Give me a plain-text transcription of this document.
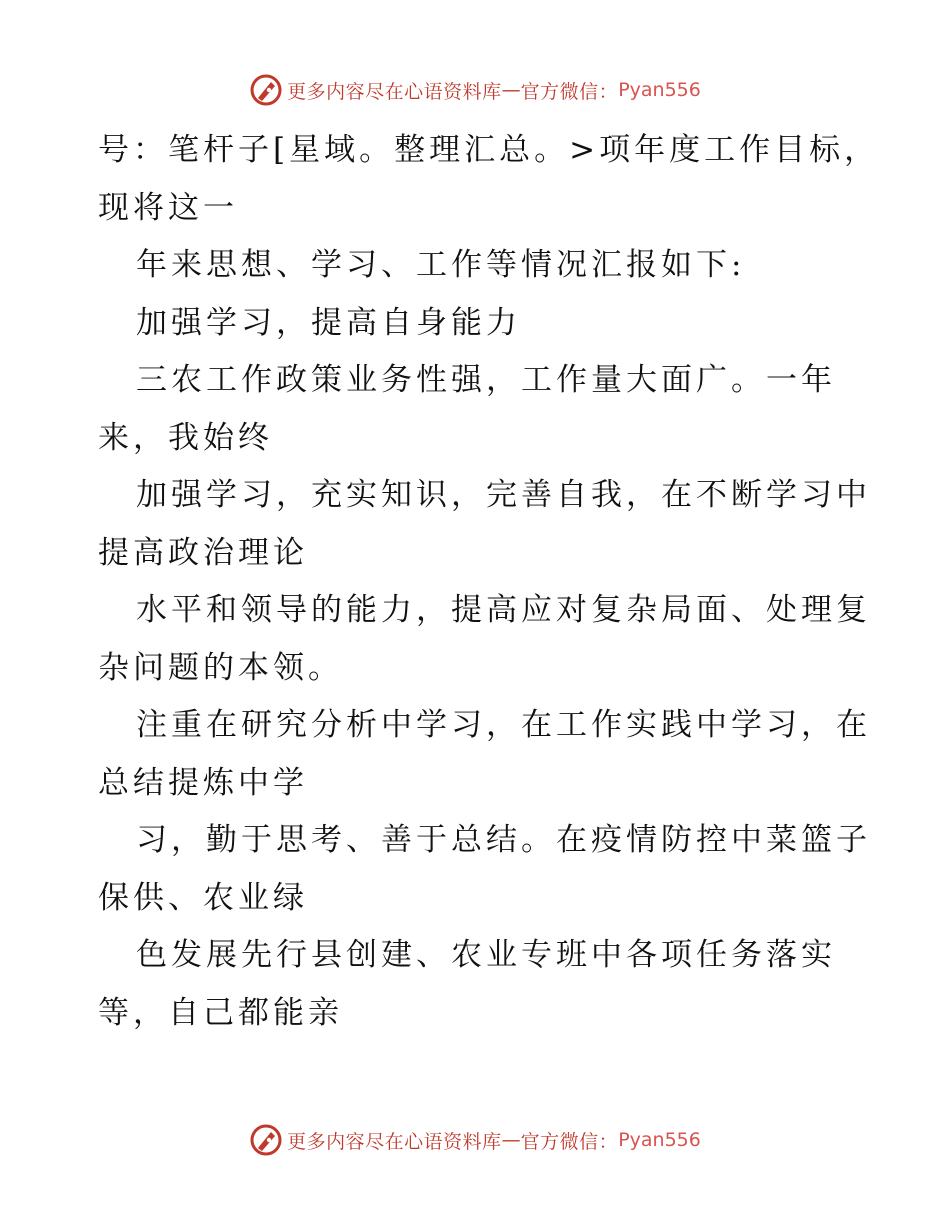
更多内容尽在心语资料库 — 官方微信： Pyan556

号：笔杆子[星域。整理汇总。>项年度工作目标，

现将这一

年来思想、学习、工作等情况汇报如下:

加强学习，提高自身能力

三农工作政策业务性强，工作量大面广。一年

来，我始终

加强学习，充实知识，完善自我，在不断学习中

提高政治理论

水平和领导的能力，提高应对复杂局面、处理复

杂问题的本领。

注重在研究分析中学习，在工作实践中学习，在

总结提炼中学

习，勤于思考、善于总结。在疫情防控中菜篮子

保供、农业绿

色发展先行县创建、农业专班中各项任务落实

等，自己都能亲

更多内容尽在心语资料库 — 官方微信： Pyan556
